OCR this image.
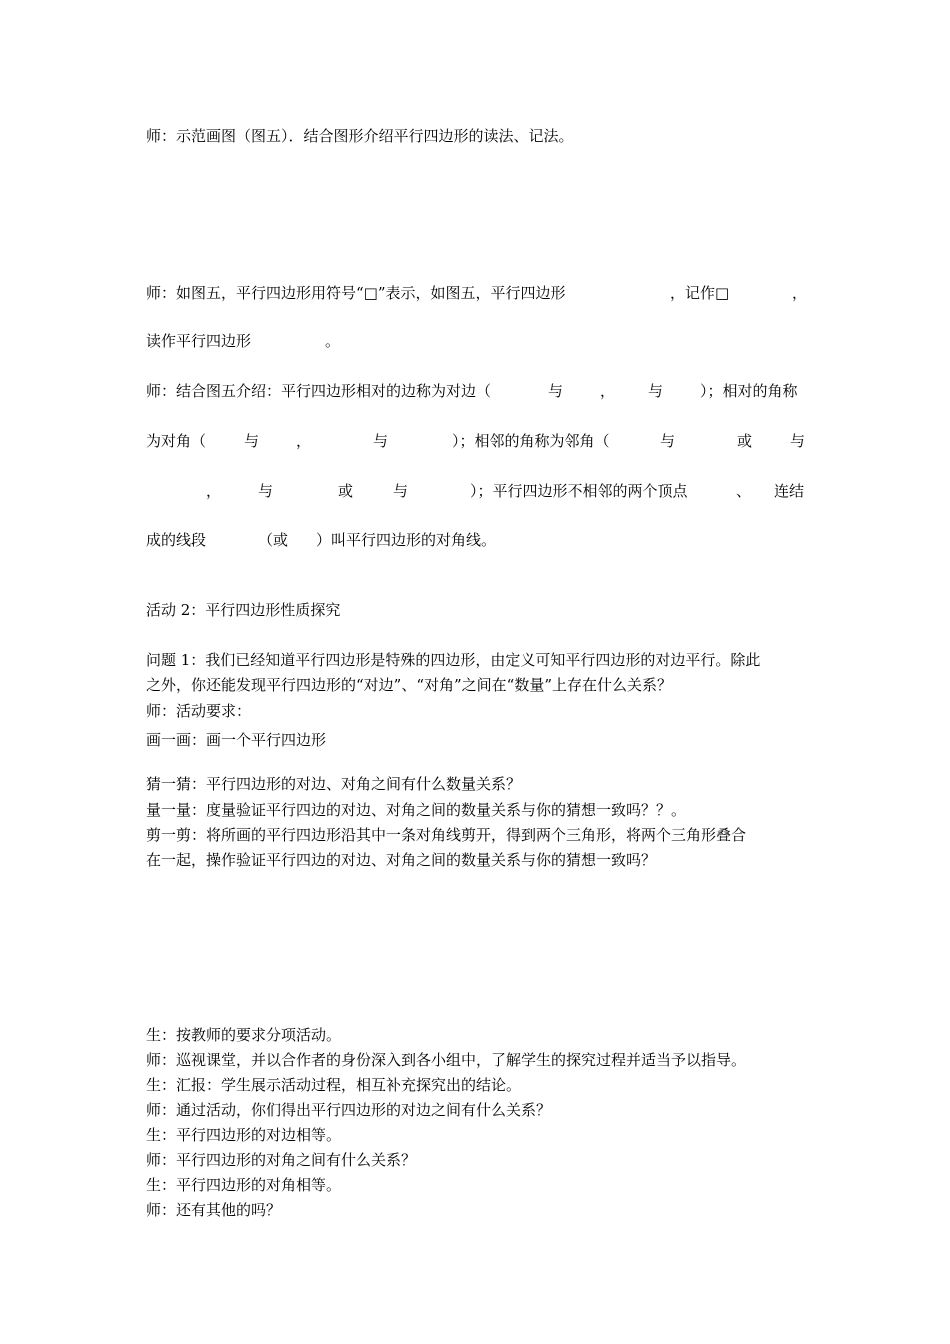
师：示范画图（图五）．结合图形介绍平行四边形的读法、记法。
师：如图五，平行四边形用符号“□”表示，如图五，平行四边形	，记作□	，
读作平行四边形	。
师：结合图五介绍：平行四边形相对的边称为对边（	与 ， 与 ）；相对的角称
为对角（	与 ，	与	）；相邻的角称为邻角（	与	或	与
， 与	或	与	）；平行四边形不相邻的两个顶点	、 连结
成的线段	（或 ）叫平行四边形的对角线。
活动 2：平行四边形性质探究
问题 1：我们已经知道平行四边形是特殊的四边形，由定义可知平行四边形的对边平行。除此
之外，你还能发现平行四边形的“对边”、“对角”之间在“数量”上存在什么关系？
师：活动要求：
画一画：画一个平行四边形
猜一猜：平行四边形的对边、对角之间有什么数量关系？
量一量：度量验证平行四边的对边、对角之间的数量关系与你的猜想一致吗？？。
剪一剪：将所画的平行四边形沿其中一条对角线剪开，得到两个三角形，将两个三角形叠合
在一起，操作验证平行四边的对边、对角之间的数量关系与你的猜想一致吗？
生：按教师的要求分项活动。
师：巡视课堂，并以合作者的身份深入到各小组中，了解学生的探究过程并适当予以指导。
生：汇报：学生展示活动过程，相互补充探究出的结论。
师：通过活动，你们得出平行四边形的对边之间有什么关系？
生：平行四边形的对边相等。
师：平行四边形的对角之间有什么关系？
生：平行四边形的对角相等。
师：还有其他的吗？
